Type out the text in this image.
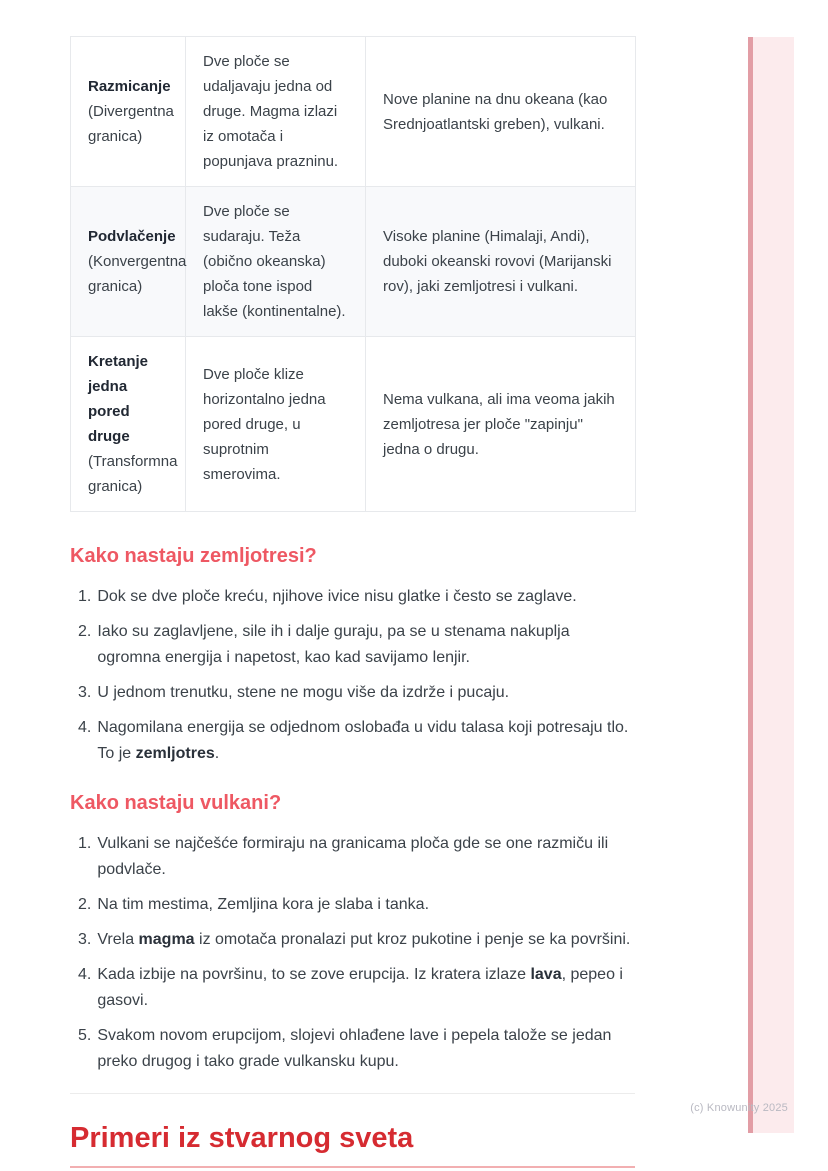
Razmicanje
(Divergentna granica)	Dve ploče se udaljavaju jedna od druge. Magma izlazi iz omotača i popunjava prazninu.	Nove planine na dnu okeana (kao Srednjoatlantski greben), vulkani.

Podvlačenje
(Konvergentna granica)	Dve ploče se sudaraju. Teža (obično okeanska) ploča tone ispod lakše (kontinentalne).	Visoke planine (Himalaji, Andi), duboki okeanski rovovi (Marijanski rov), jaki zemljotresi i vulkani.

Kretanje jedna pored druge
(Transformna granica)	Dve ploče klize horizontalno jedna pored druge, u suprotnim smerovima.	Nema vulkana, ali ima veoma jakih zemljotresa jer ploče "zapinju" jedna o drugu.
Kako nastaju zemljotresi?
1. Dok se dve ploče kreću, njihove ivice nisu glatke i često se zaglave.

2. Iako su zaglavljene, sile ih i dalje guraju, pa se u stenama nakuplja ogromna energija i napetost, kao kad savijamo lenjir.

3. U jednom trenutku, stene ne mogu više da izdrže i pucaju.

4. Nagomilana energija se odjednom oslobađa u vidu talasa koji potresaju tlo. To je zemljotres.

Kako nastaju vulkani?
1. Vulkani se najčešće formiraju na granicama ploča gde se one razmiču ili podvlače.

2. Na tim mestima, Zemljina kora je slaba i tanka.

3. Vrela magma iz omotača pronalazi put kroz pukotine i penje se ka površini.

4. Kada izbije na površinu, to se zove erupcija. Iz kratera izlaze lava, pepeo i gasovi.

5. Svakom novom erupcijom, slojevi ohlađene lave i pepela talože se jedan preko drugog i tako grade vulkansku kupu.

Primeri iz stvarnog sveta
(c) Knowunity 2025
